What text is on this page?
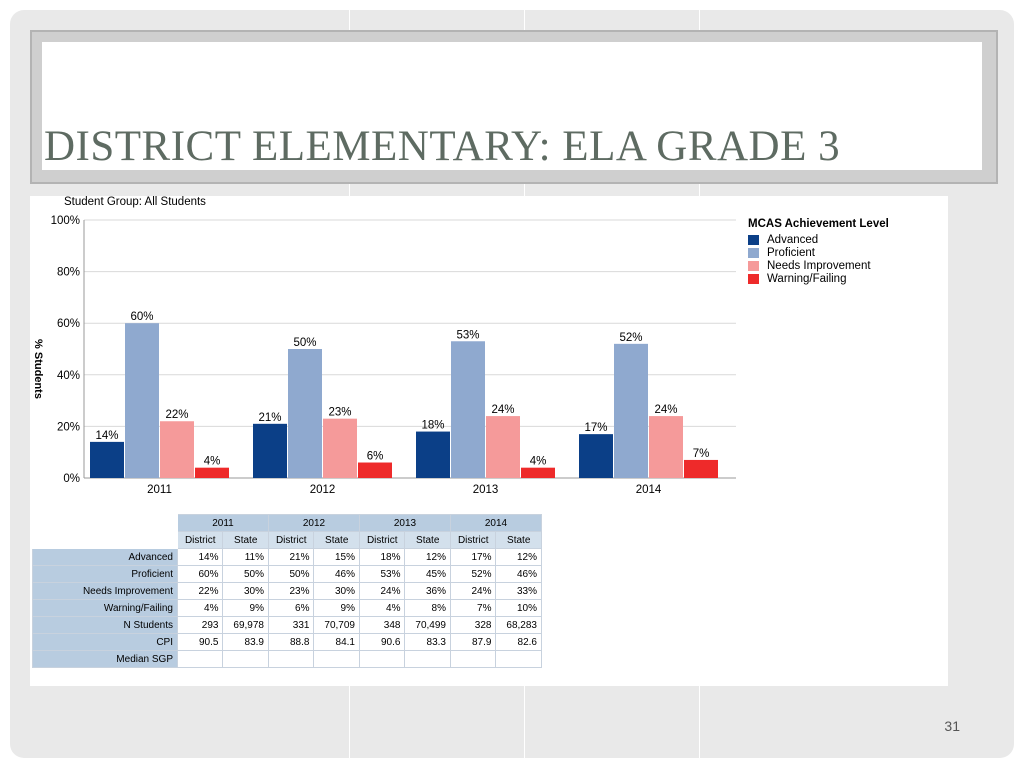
DISTRICT ELEMENTARY: ELA GRADE 3
Student Group: All Students
0%
20%
40%
60%
80%
100%
% Students
14%
60%
22%
4%
2011
21%
50%
23%
6%
2012
18%
53%
24%
4%
2013
17%
52%
24%
7%
2014
MCAS Achievement Level
Advanced
Proficient
Needs Improvement
Warning/Failing
	2011		2012		2013		2014	
	District	State	District	State	District	State	District	State
Advanced	14%	11%	21%	15%	18%	12%	17%	12%
Proficient	60%	50%	50%	46%	53%	45%	52%	46%
Needs Improvement	22%	30%	23%	30%	24%	36%	24%	33%
Warning/Failing	4%	9%	6%	9%	4%	8%	7%	10%
N Students	293	69,978	331	70,709	348	70,499	328	68,283
CPI	90.5	83.9	88.8	84.1	90.6	83.3	87.9	82.6
Median SGP								
31
